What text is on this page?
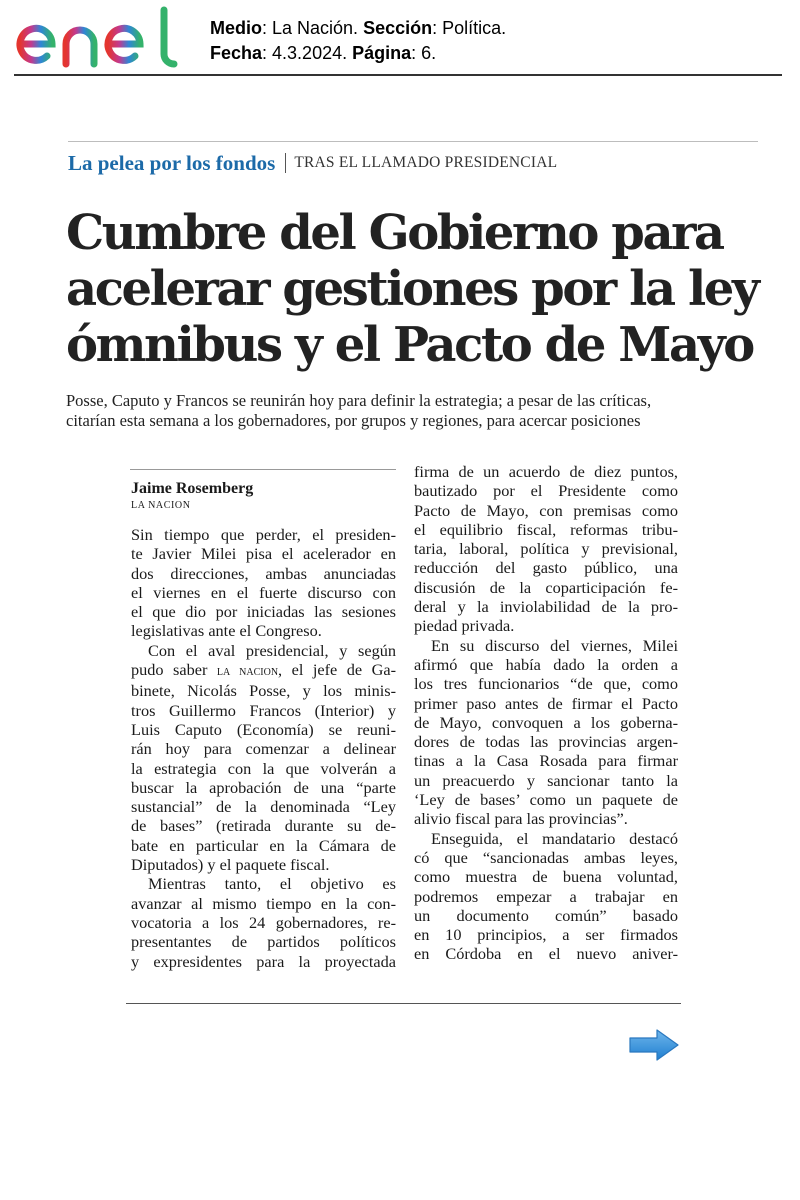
Medio: La Nación. Sección: Política.
Fecha: 4.3.2024. Página: 6.
La pelea por los fondos TRAS EL LLAMADO PRESIDENCIAL
Cumbre del Gobierno para
acelerar gestiones por la ley
ómnibus y el Pacto de Mayo
Posse, Caputo y Francos se reunirán hoy para definir la estrategia; a pesar de las críticas,
citarían esta semana a los gobernadores, por grupos y regiones, para acercar posiciones
Jaime Rosemberg
LA NACION
Sin tiempo que perder, el presiden-
te Javier Milei pisa el acelerador en
dos direcciones, ambas anunciadas
el viernes en el fuerte discurso con
el que dio por iniciadas las sesiones
legislativas ante el Congreso.
Con el aval presidencial, y según
pudo saber la nacion, el jefe de Ga-
binete, Nicolás Posse, y los minis-
tros Guillermo Francos (Interior) y
Luis Caputo (Economía) se reuni-
rán hoy para comenzar a delinear
la estrategia con la que volverán a
buscar la aprobación de una “parte
sustancial” de la denominada “Ley
de bases” (retirada durante su de-
bate en particular en la Cámara de
Diputados) y el paquete fiscal.
Mientras tanto, el objetivo es
avanzar al mismo tiempo en la con-
vocatoria a los 24 gobernadores, re-
presentantes de partidos políticos
y expresidentes para la proyectada
firma de un acuerdo de diez puntos,
bautizado por el Presidente como
Pacto de Mayo, con premisas como
el equilibrio fiscal, reformas tribu-
taria, laboral, política y previsional,
reducción del gasto público, una
discusión de la coparticipación fe-
deral y la inviolabilidad de la pro-
piedad privada.
En su discurso del viernes, Milei
afirmó que había dado la orden a
los tres funcionarios “de que, como
primer paso antes de firmar el Pacto
de Mayo, convoquen a los goberna-
dores de todas las provincias argen-
tinas a la Casa Rosada para firmar
un preacuerdo y sancionar tanto la
‘Ley de bases’ como un paquete de
alivio fiscal para las provincias”.
Enseguida, el mandatario destacó
có que “sancionadas ambas leyes,
como muestra de buena voluntad,
podremos empezar a trabajar en
un documento común” basado
en 10 principios, a ser firmados
en Córdoba en el nuevo aniver-
